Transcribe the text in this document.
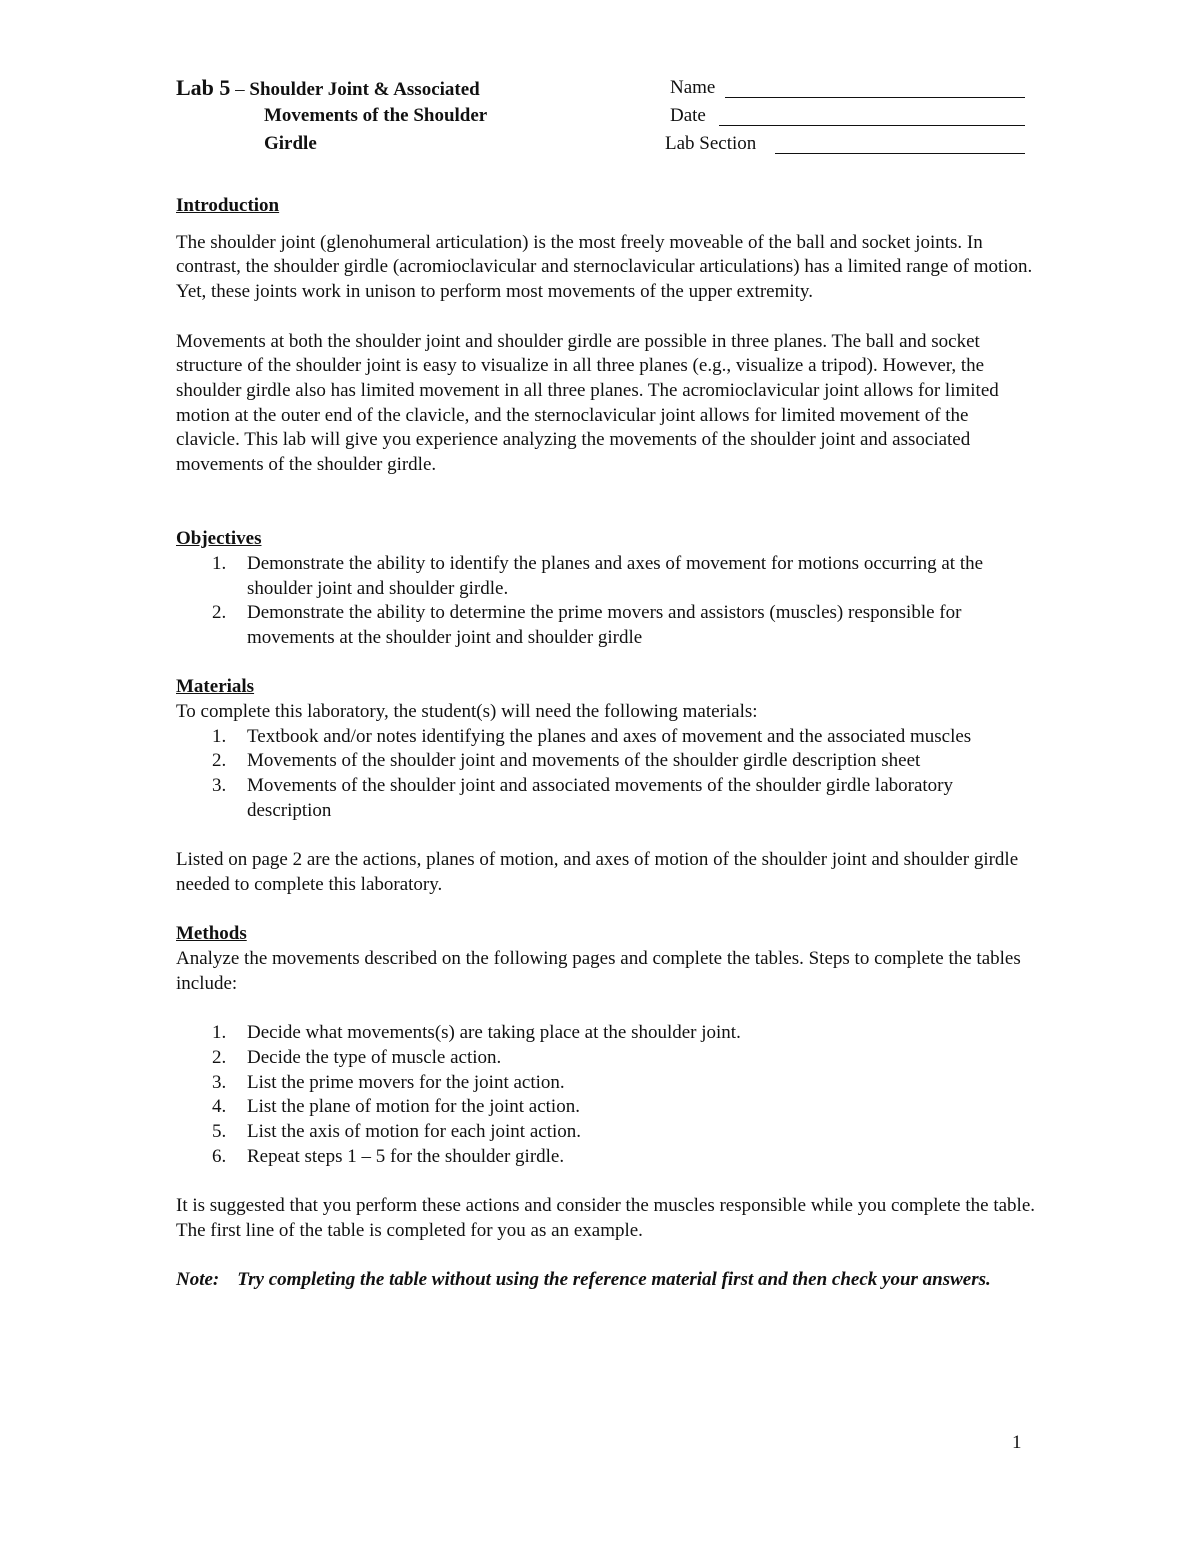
Lab 5 – Shoulder Joint & Associated
Movements of the Shoulder
Girdle
Name
Date
Lab Section
Introduction

The shoulder joint (glenohumeral articulation) is the most freely moveable of the ball and socket joints. In contrast, the shoulder girdle (acromioclavicular and sternoclavicular articulations) has a limited range of motion. Yet, these joints work in unison to perform most movements of the upper extremity.

Movements at both the shoulder joint and shoulder girdle are possible in three planes. The ball and socket structure of the shoulder joint is easy to visualize in all three planes (e.g., visualize a tripod). However, the shoulder girdle also has limited movement in all three planes. The acromioclavicular joint allows for limited motion at the outer end of the clavicle, and the sternoclavicular joint allows for limited movement of the clavicle. This lab will give you experience analyzing the movements of the shoulder joint and associated movements of the shoulder girdle.

Objectives
1. Demonstrate the ability to identify the planes and axes of movement for motions occurring at the shoulder joint and shoulder girdle.
2. Demonstrate the ability to determine the prime movers and assistors (muscles) responsible for movements at the shoulder joint and shoulder girdle
Materials

To complete this laboratory, the student(s) will need the following materials:

1. Textbook and/or notes identifying the planes and axes of movement and the associated muscles
2. Movements of the shoulder joint and movements of the shoulder girdle description sheet
3. Movements of the shoulder joint and associated movements of the shoulder girdle laboratory description

Listed on page 2 are the actions, planes of motion, and axes of motion of the shoulder joint and shoulder girdle needed to complete this laboratory.

Methods

Analyze the movements described on the following pages and complete the tables. Steps to complete the tables include:

1. Decide what movements(s) are taking place at the shoulder joint.
2. Decide the type of muscle action.
3. List the prime movers for the joint action.
4. List the plane of motion for the joint action.
5. List the axis of motion for each joint action.
6. Repeat steps 1 – 5 for the shoulder girdle.

It is suggested that you perform these actions and consider the muscles responsible while you complete the table. The first line of the table is completed for you as an example.

Note: Try completing the table without using the reference material first and then check your answers.

1
